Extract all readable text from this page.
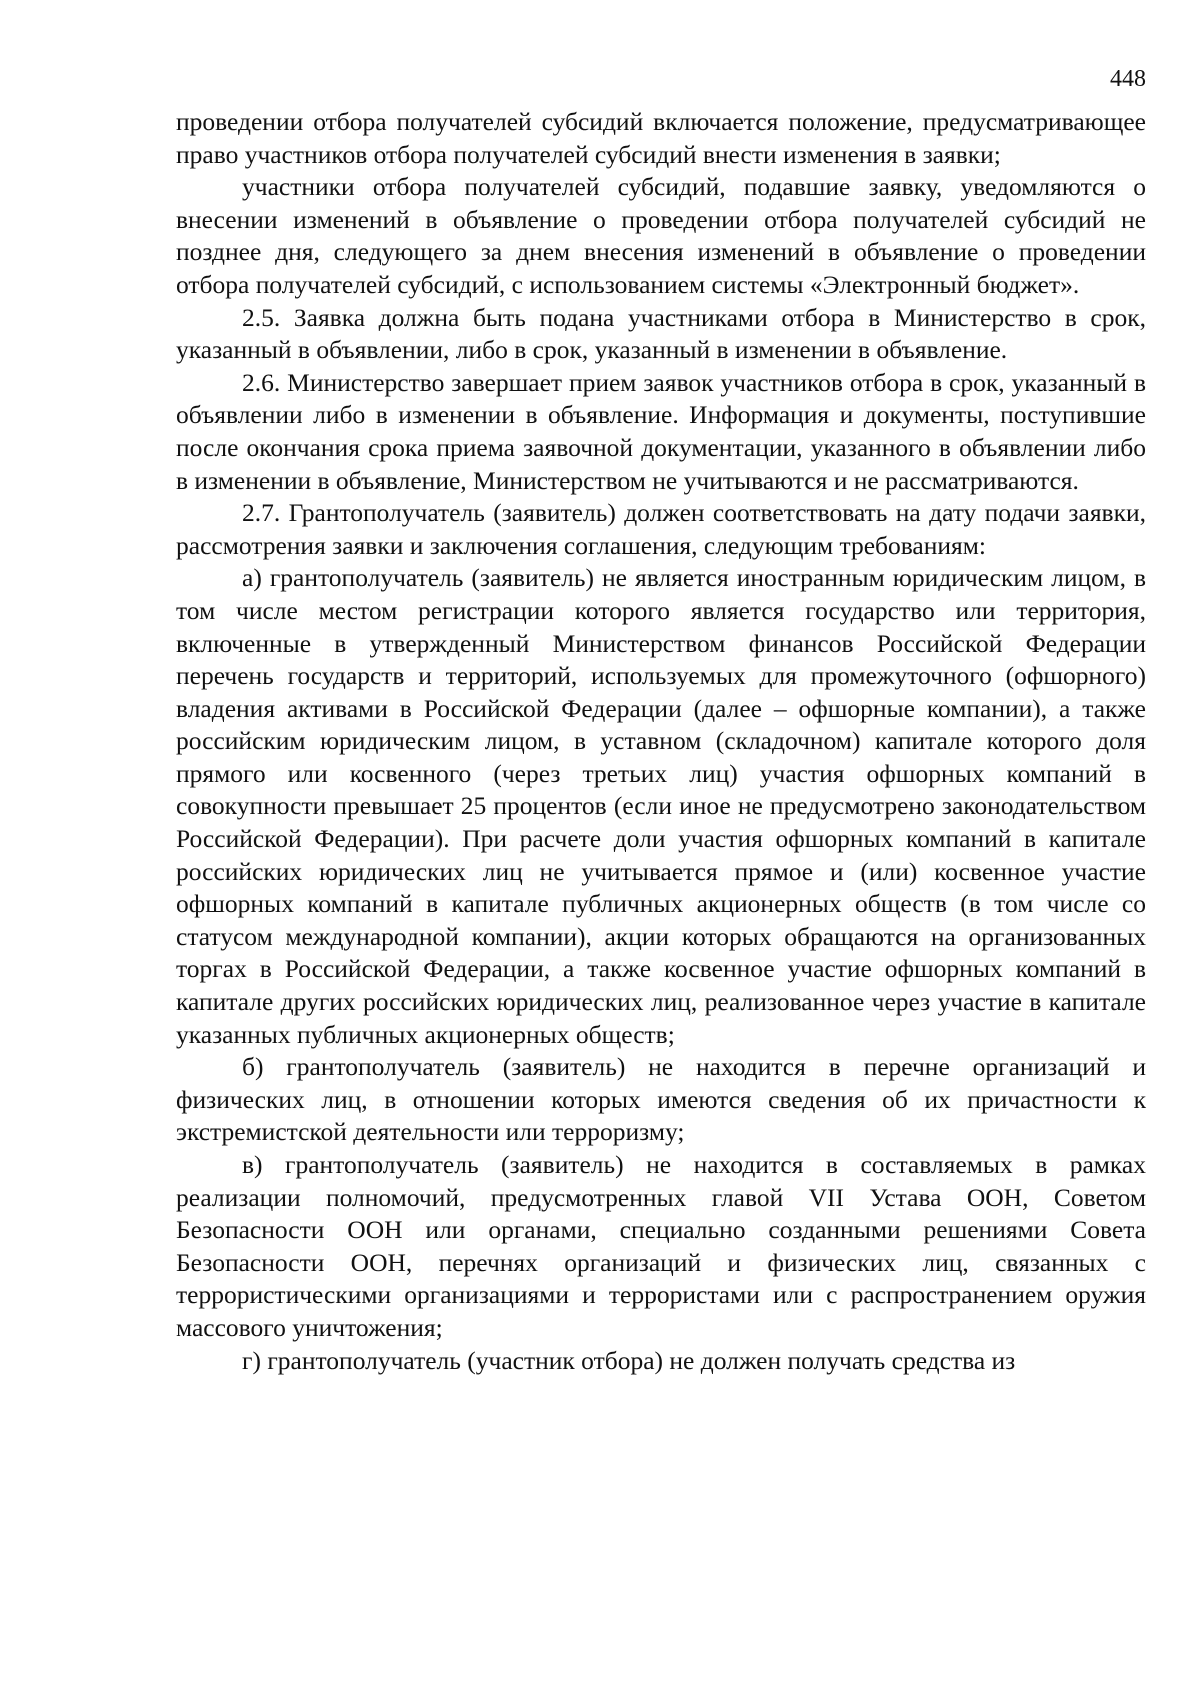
448

проведении отбора получателей субсидий включается положение, предусматривающее право участников отбора получателей субсидий внести изменения в заявки;

участники отбора получателей субсидий, подавшие заявку, уведомляются о внесении изменений в объявление о проведении отбора получателей субсидий не позднее дня, следующего за днем внесения изменений в объявление о проведении отбора получателей субсидий, с использованием системы «Электронный бюджет».

2.5. Заявка должна быть подана участниками отбора в Министерство в срок, указанный в объявлении, либо в срок, указанный в изменении в объявление.

2.6. Министерство завершает прием заявок участников отбора в срок, указанный в объявлении либо в изменении в объявление. Информация и документы, поступившие после окончания срока приема заявочной документации, указанного в объявлении либо в изменении в объявление, Министерством не учитываются и не рассматриваются.

2.7. Грантополучатель (заявитель) должен соответствовать на дату подачи заявки, рассмотрения заявки и заключения соглашения, следующим требованиям:

а) грантополучатель (заявитель) не является иностранным юридическим лицом, в том числе местом регистрации которого является государство или территория, включенные в утвержденный Министерством финансов Российской Федерации перечень государств и территорий, используемых для промежуточного (офшорного) владения активами в Российской Федерации (далее – офшорные компании), а также российским юридическим лицом, в уставном (складочном) капитале которого доля прямого или косвенного (через третьих лиц) участия офшорных компаний в совокупности превышает 25 процентов (если иное не предусмотрено законодательством Российской Федерации). При расчете доли участия офшорных компаний в капитале российских юридических лиц не учитывается прямое и (или) косвенное участие офшорных компаний в капитале публичных акционерных обществ (в том числе со статусом международной компании), акции которых обращаются на организованных торгах в Российской Федерации, а также косвенное участие офшорных компаний в капитале других российских юридических лиц, реализованное через участие в капитале указанных публичных акционерных обществ;

б) грантополучатель (заявитель) не находится в перечне организаций и физических лиц, в отношении которых имеются сведения об их причастности к экстремистской деятельности или терроризму;

в) грантополучатель (заявитель) не находится в составляемых в рамках реализации полномочий, предусмотренных главой VII Устава ООН, Советом Безопасности ООН или органами, специально созданными решениями Совета Безопасности ООН, перечнях организаций и физических лиц, связанных с террористическими организациями и террористами или с распространением оружия массового уничтожения;

г) грантополучатель (участник отбора) не должен получать средства из
